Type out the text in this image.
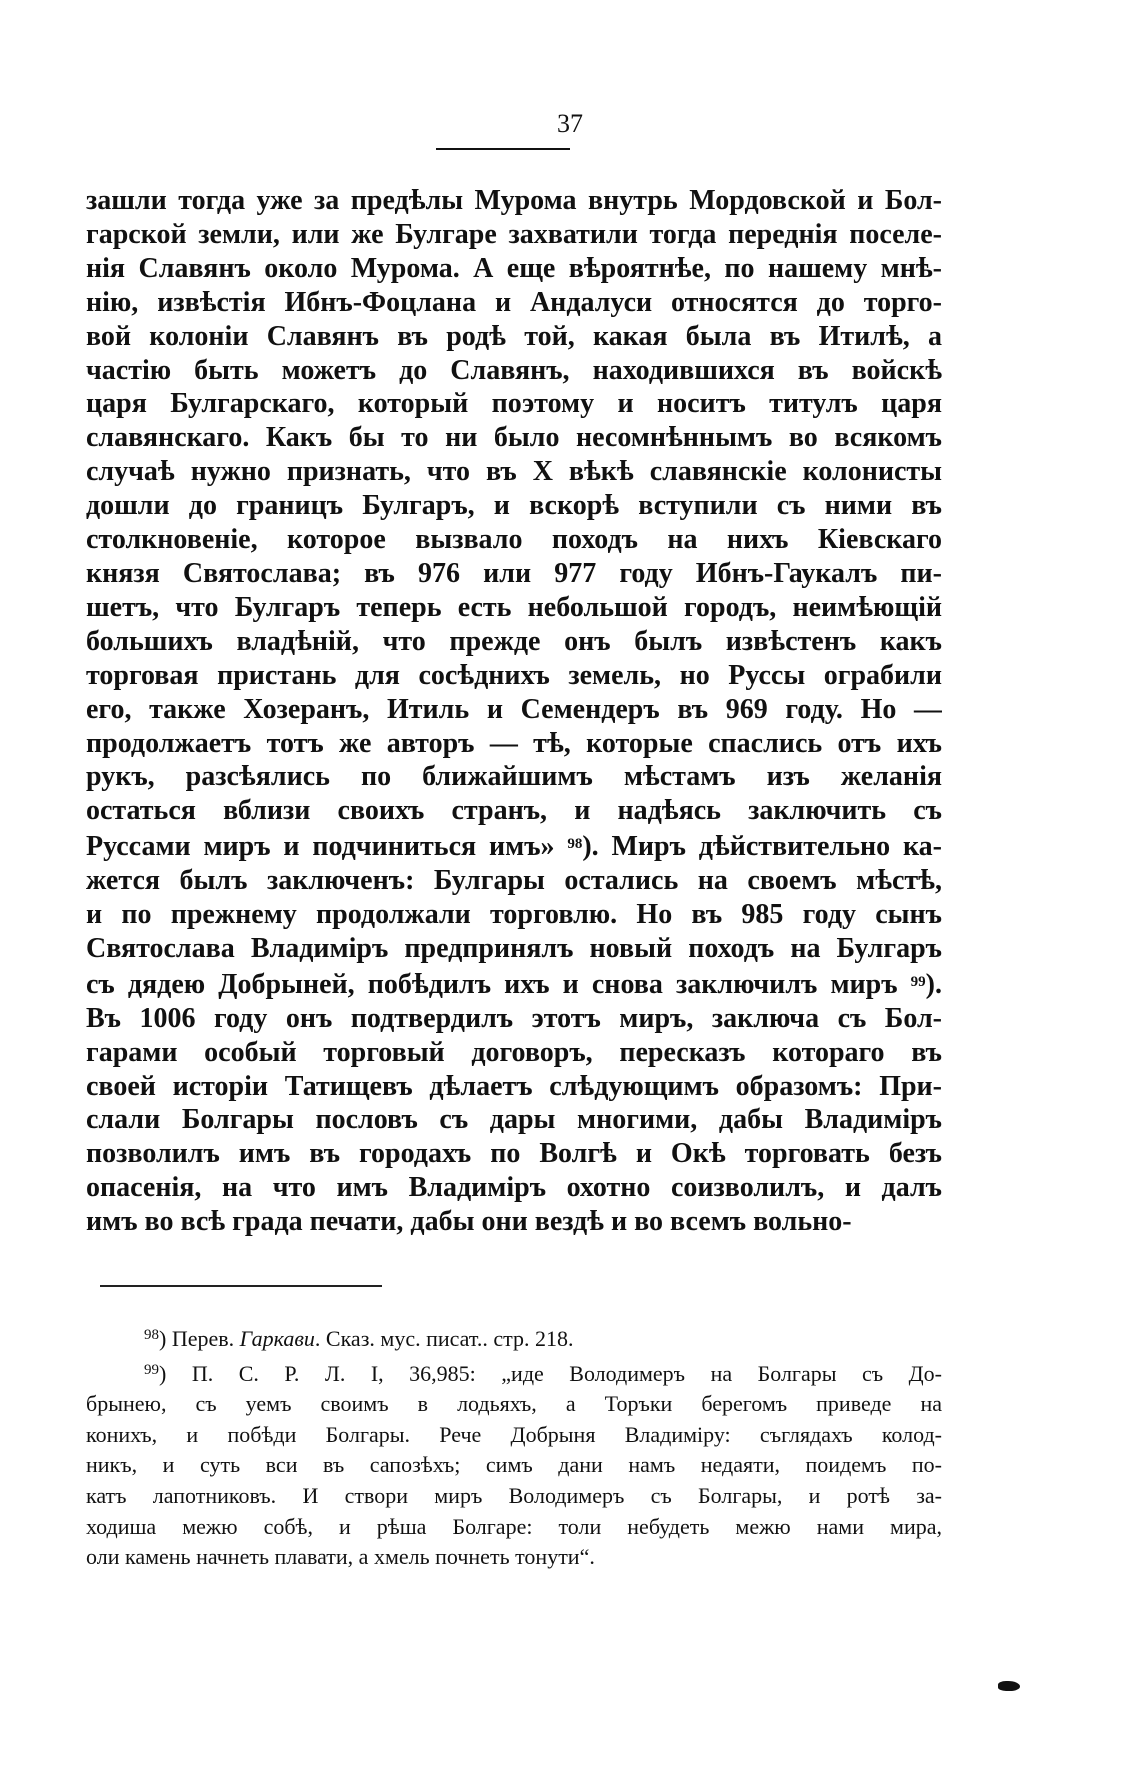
37
зашли тогда уже за предѣлы Мурома внутрь Мордовской и Бол-
гарской земли, или же Булгаре захватили тогда переднія поселе-
нія Славянъ около Мурома. А еще вѣроятнѣе, по нашему мнѣ-
нію, извѣстія Ибнъ-Фоцлана и Андалуси относятся до торго-
вой колоніи Славянъ въ родѣ той, какая была въ Итилѣ, а
частію быть можетъ до Славянъ, находившихся въ войскѣ
царя Булгарскаго, который поэтому и носитъ титулъ царя
славянскаго. Какъ бы то ни было несомнѣннымъ во всякомъ
случаѣ нужно признать, что въ X вѣкѣ славянскіе колонисты
дошли до границъ Булгаръ, и вскорѣ вступили съ ними въ
столкновеніе, которое вызвало походъ на нихъ Кіевскаго
князя Святослава; въ 976 или 977 году Ибнъ-Гаукалъ пи-
шетъ, что Булгаръ теперь есть небольшой городъ, неимѣющій
большихъ владѣній, что прежде онъ былъ извѣстенъ какъ
торговая пристань для сосѣднихъ земель, но Руссы ограбили
его, также Хозеранъ, Итиль и Семендеръ въ 969 году. Но —
продолжаетъ тотъ же авторъ — тѣ, которые спаслись отъ ихъ
рукъ, разсѣялись по ближайшимъ мѣстамъ изъ желанія
остаться вблизи своихъ странъ, и надѣясь заключить съ
Руссами миръ и подчиниться имъ» $^{98}$). Миръ дѣйствительно ка-
жется былъ заключенъ: Булгары остались на своемъ мѣстѣ,
и по прежнему продолжали торговлю. Но въ 985 году сынъ
Святослава Владиміръ предпринялъ новый походъ на Булгаръ
съ дядею Добрыней, побѣдилъ ихъ и снова заключилъ миръ $^{99}$).
Въ 1006 году онъ подтвердилъ этотъ миръ, заключа съ Бол-
гарами особый торговый договоръ, пересказъ котораго въ
своей исторіи Татищевъ дѣлаетъ слѣдующимъ образомъ: При-
слали Болгары пословъ съ дары многими, дабы Владиміръ
позволилъ имъ въ городахъ по Волгѣ и Окѣ торговать безъ
опасенія, на что имъ Владиміръ охотно соизволилъ, и далъ
имъ во всѣ града печати, дабы они вездѣ и во всемъ вольно-
$^{98}$) Перев. Гаркави. Сказ. мус. писат.. стр. 218.
$^{99}$) П. С. Р. Л. I, 36,985: „иде Володимеръ на Болгары съ До-
брынею, съ уемъ своимъ в лодьяхъ, а Торъки берегомъ приведе на
конихъ, и побѣди Болгары. Рече Добрыня Владиміру: съглядахъ колод-
никъ, и суть вси въ сапозѣхъ; симъ дани намъ недаяти, поидемъ по-
катъ лапотниковъ. И створи миръ Володимеръ съ Болгары, и ротѣ за-
ходиша межю собѣ, и рѣша Болгаре: толи небудеть межю нами мира,
оли камень начнеть плавати, а хмель почнеть тонути“.
